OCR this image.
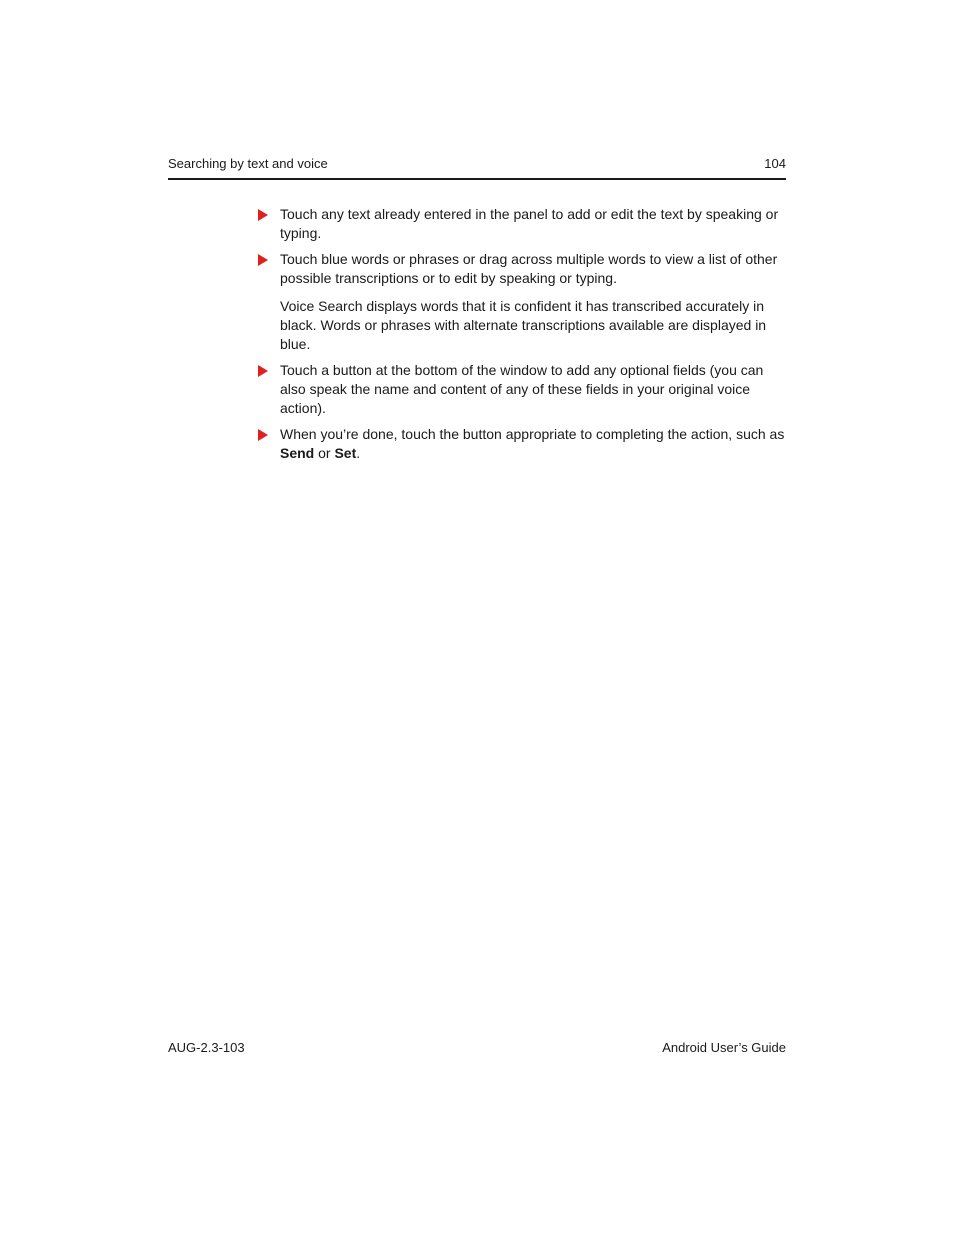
Searching by text and voice	104
Touch any text already entered in the panel to add or edit the text by speaking or typing.
Touch blue words or phrases or drag across multiple words to view a list of other possible transcriptions or to edit by speaking or typing.
Voice Search displays words that it is confident it has transcribed accurately in black. Words or phrases with alternate transcriptions available are displayed in blue.
Touch a button at the bottom of the window to add any optional fields (you can also speak the name and content of any of these fields in your original voice action).
When you’re done, touch the button appropriate to completing the action, such as Send or Set.
AUG-2.3-103	Android User’s Guide
